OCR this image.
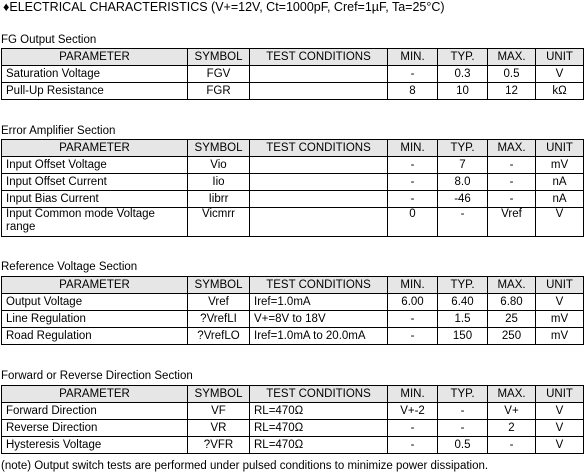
♦ELECTRICAL CHARACTERISTICS (V+=12V, Ct=1000pF, Cref=1µF, Ta=25°C)
FG Output Section
PARAMETER	SYMBOL	TEST CONDITIONS	MIN.	TYP.	MAX.	UNIT
Saturation Voltage	FGV		-	0.3	0.5	V
Pull-Up Resistance	FGR		8	10	12	kΩ
Error Amplifier Section
PARAMETER	SYMBOL	TEST CONDITIONS	MIN.	TYP.	MAX.	UNIT
Input Offset Voltage	Vio		-	7	-	mV
Input Offset Current	Iio		-	8.0	-	nA
Input Bias Current	Iibrr		-	-46	-	nA
Input Common mode Voltage range	Vicmrr		0	-	Vref	V
Reference Voltage Section
PARAMETER	SYMBOL	TEST CONDITIONS	MIN.	TYP.	MAX.	UNIT
Output Voltage	Vref	Iref=1.0mA	6.00	6.40	6.80	V
Line Regulation	?VrefLI	V+=8V to 18V	-	1.5	25	mV
Road Regulation	?VrefLO	Iref=1.0mA to 20.0mA	-	150	250	mV
Forward or Reverse Direction Section
PARAMETER	SYMBOL	TEST CONDITIONS	MIN.	TYP.	MAX.	UNIT
Forward Direction	VF	RL=470Ω	V+-2	-	V+	V
Reverse Direction	VR	RL=470Ω	-	-	2	V
Hysteresis Voltage	?VFR	RL=470Ω	-	0.5	-	V
(note) Output switch tests are performed under pulsed conditions to minimize power dissipation.
